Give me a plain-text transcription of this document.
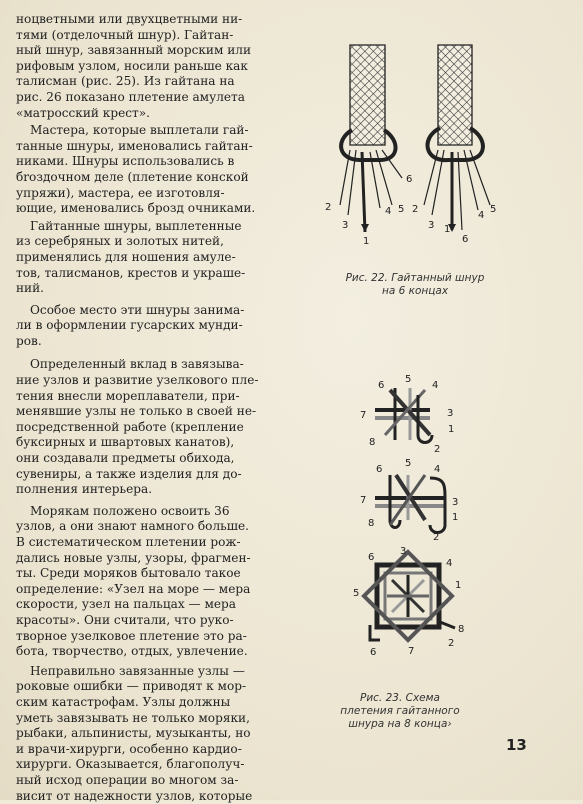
ноцветными или двухцветными ни-
тями (отделочный шнур). Гайтан-
ный шнур, завязанный морским или
рифовым узлом, носили раньше как
талисман (рис. 25). Из гайтана на
рис. 26 показано плетение амулета
«матросский крест».
Мастера, которые выплетали гай-
танные шнуры, именовались гайтан-
никами. Шнуры использовались в
бroздочном деле (плетение конской
упряжи), мастера, ее изготовля-
ющие, именовались брозд очниками.
Гайтанные шнуры, выплетенные
из серебряных и золотых нитей,
применялись для ношения амуле-
тов, талисманов, крестов и украше-
ний.
Особое место эти шнуры занима-
ли в оформлении гусарских мунди-
ров.
Определенный вклад в завязыва-
ние узлов и развитие узелкового пле-
тения внесли мореплаватели, при-
менявшие узлы не только в своей не-
посредственной работе (крепление
буксирных и швартовых канатов),
они создавали предметы обихода,
сувениры, а также изделия для до-
полнения интерьера.
Морякам положено освоить 36
узлов, а они знают намного больше.
В систематическом плетении рож-
дались новые узлы, узоры, фрагмен-
ты. Среди моряков бытовало такое
определение: «Узел на море — мера
скорости, узел на пальцах — мера
красоты». Они считали, что руко-
творное узелковое плетение это ра-
бота, творчество, отдых, увлечение.
Неправильно завязанные узлы —
роковые ошибки — приводят к мор-
ским катастрофам. Узлы должны
уметь завязывать не только моряки,
рыбаки, альпинисты, музыканты, но
и врачи-хирурги, особенно кардио-
хирурги. Оказывается, благополуч-
ный исход операции во многом за-
висит от надежности узлов, которые
2
3
1
4 5
6
2
1
3
5
4
6
6
5
4
7	3
8
1
2
6
5
4
7	3
8
1
2
6
3
4
5
1
6	7
8
2
Рис. 22. Гайтанный шнур
на 6 концах
Рис. 23. Схема
плетения гайтанного
шнура на 8 конца›
13
